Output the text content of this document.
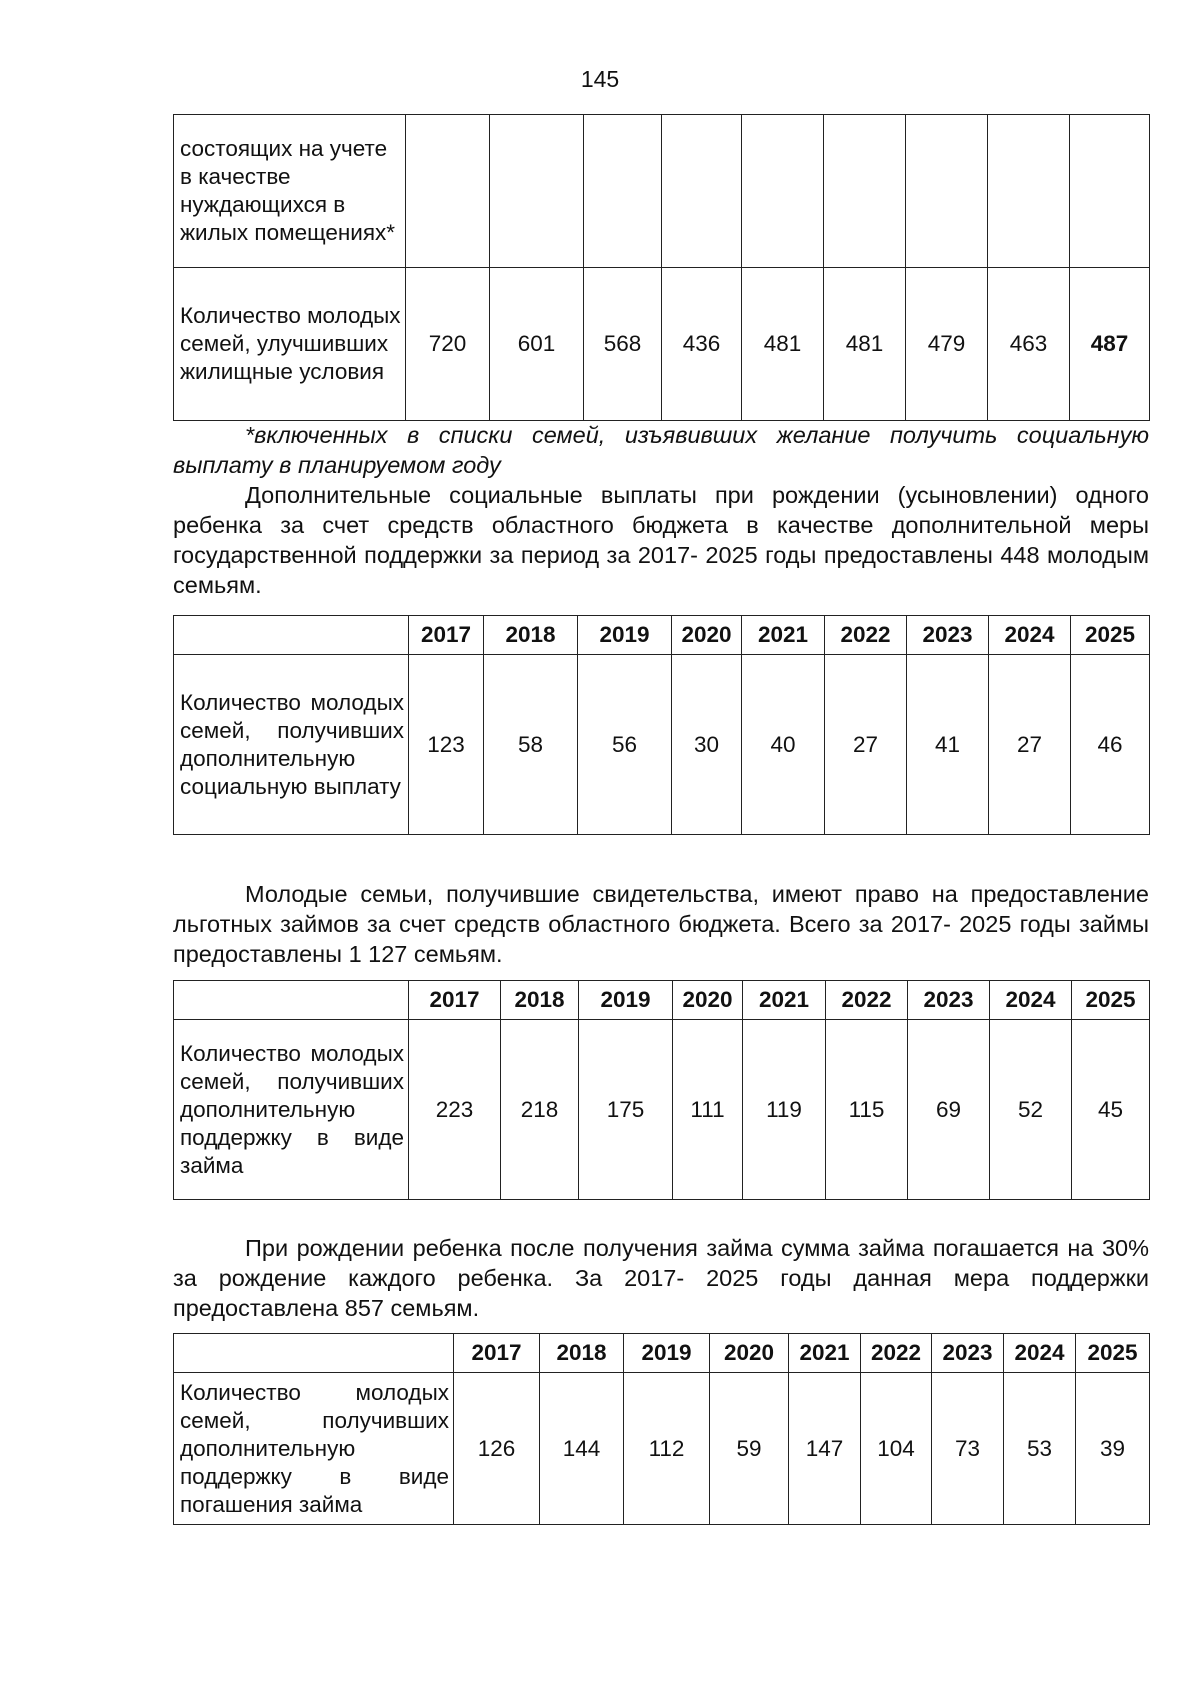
145
состоящих на учете в качестве нуждающихся в жилых помещениях*									
Количество молодых семей, улучшивших жилищные условия	720	601	568	436	481	481	479	463	487
*включенных в списки семей, изъявивших желание получить социальную выплату в планируемом году
Дополнительные социальные выплаты при рождении (усыновлении) одного ребенка за счет средств областного бюджета в качестве дополнительной меры государственной поддержки за период за 2017- 2025 годы предоставлены 448 молодым семьям.
	2017	2018	2019	2020	2021	2022	2023	2024	2025
Количество молодых семей, получивших дополнительную социальную выплату	123	58	56	30	40	27	41	27	46
Молодые семьи, получившие свидетельства, имеют право на предоставление льготных займов за счет средств областного бюджета. Всего за 2017- 2025 годы займы предоставлены 1 127 семьям.
	2017	2018	2019	2020	2021	2022	2023	2024	2025
Количество молодых семей, получивших дополнительную поддержку в виде займа	223	218	175	111	119	115	69	52	45
При рождении ребенка после получения займа сумма займа погашается на 30% за рождение каждого ребенка. За 2017- 2025 годы данная мера поддержки предоставлена 857 семьям.
	2017	2018	2019	2020	2021	2022	2023	2024	2025
Количество молодых семей, получивших дополнительную поддержку в виде погашения займа	126	144	112	59	147	104	73	53	39
